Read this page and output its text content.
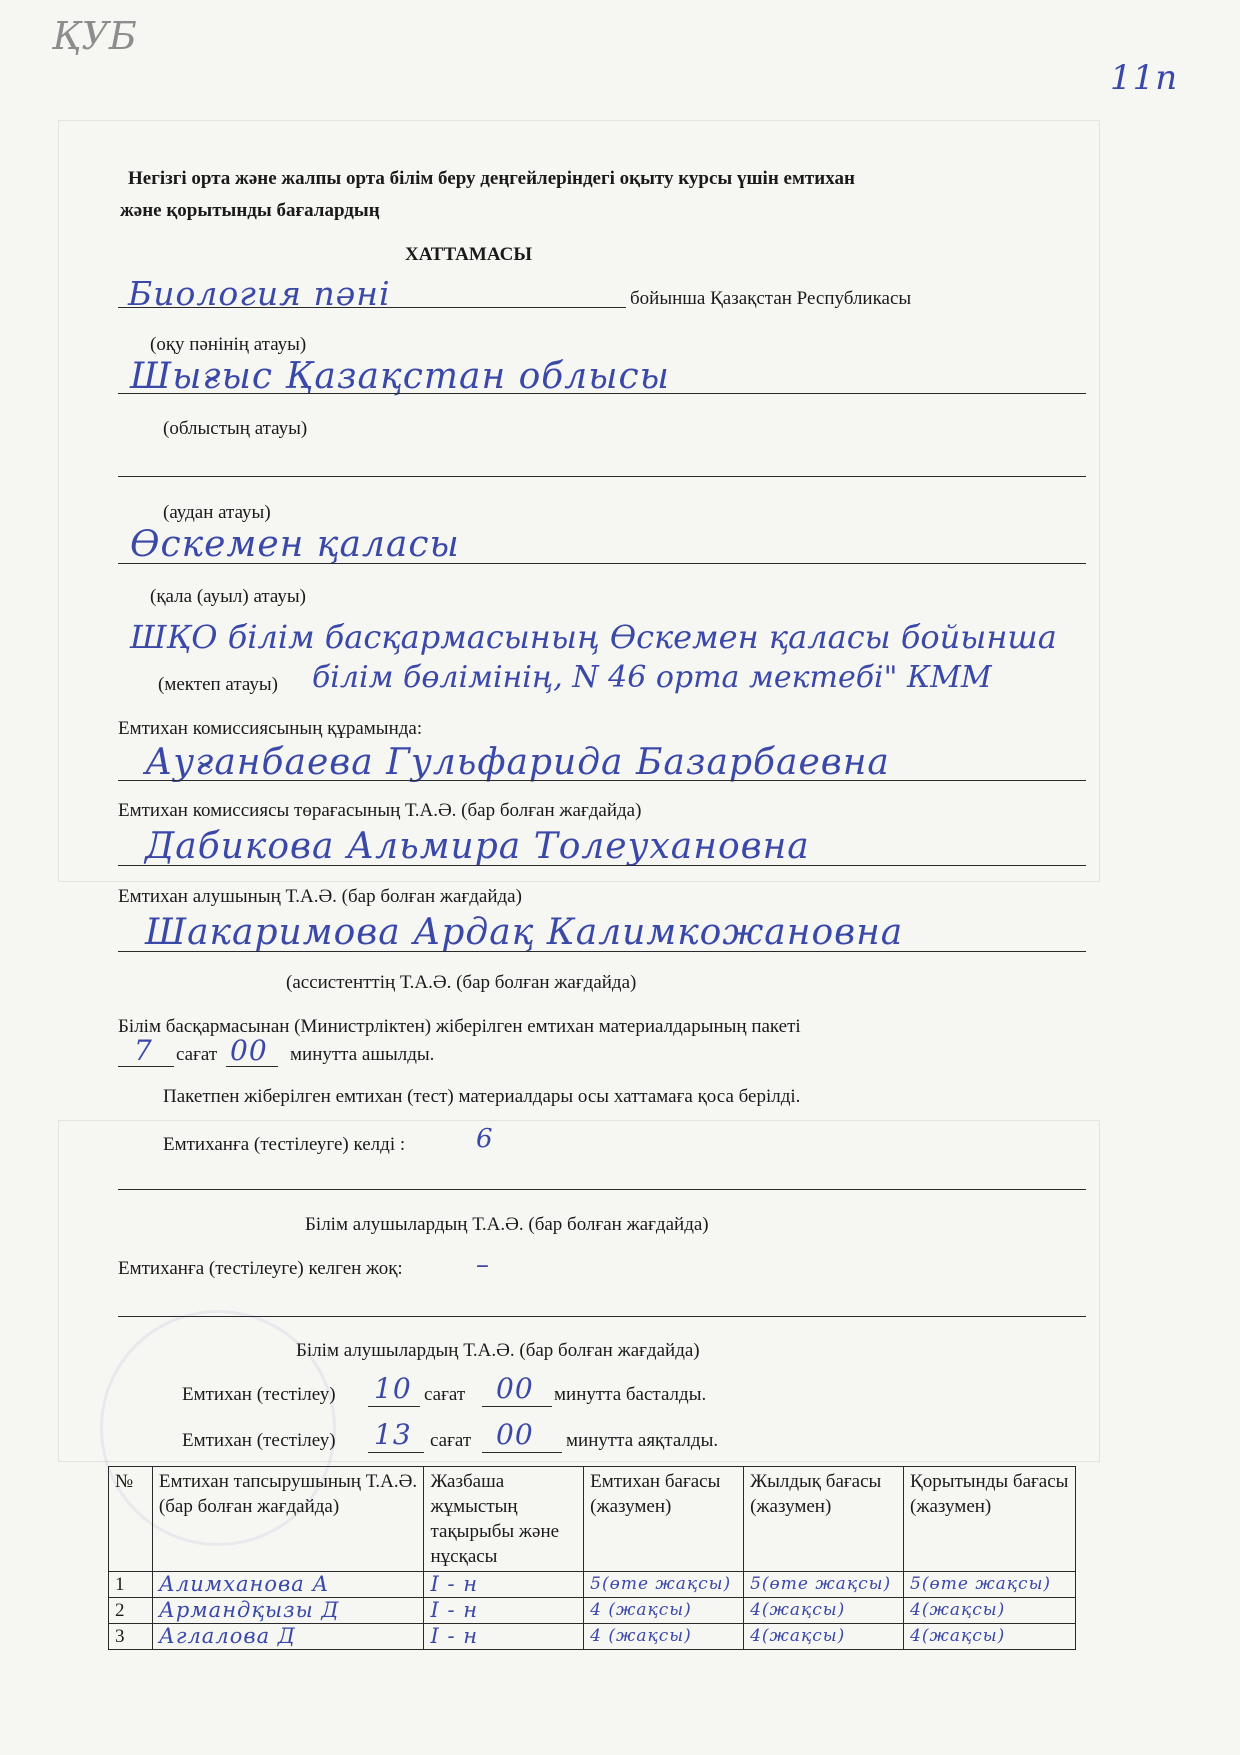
ҚУБ
11п
Негізгі орта және жалпы орта білім беру деңгейлеріндегі оқыту курсы үшін емтихан
және қорытынды бағалардың
ХАТТАМАСЫ
Биология пәні	бойынша Қазақстан Республикасы
(оқу пәнінің атауы)
Шығыс Қазақстан облысы
(облыстың атауы)
(аудан атауы)
Өскемен қаласы
(қала (ауыл) атауы)
ШҚО білім басқармасының Өскемен қаласы бойынша
(мектеп атауы) білім бөлімінің, N 46 орта мектебі" КММ
Емтихан комиссиясының құрамында:
Ауғанбаева Гульфарида Базарбаевна
Емтихан комиссиясы төрағасының Т.А.Ә. (бар болған жағдайда)
Дабикова Альмира Толеухановна
Емтихан алушының Т.А.Ә. (бар болған жағдайда)
Шакаримова Ардақ Калимкожановна
(ассистенттің Т.А.Ә. (бар болған жағдайда)
Білім басқармасынан (Министрліктен) жіберілген емтихан материалдарының пакеті
7 сағат 00 минутта ашылды.
Пакетпен жіберілген емтихан (тест) материалдары осы хаттамаға қоса берілді.
Емтиханға (тестілеуге) келді :	6
Білім алушылардың Т.А.Ә. (бар болған жағдайда)
Емтиханға (тестілеуге) келген жоқ:	–
Білім алушылардың Т.А.Ә. (бар болған жағдайда)
Емтихан (тестілеу) 10 сағат 00 минутта басталды.
Емтихан (тестілеу) 13 сағат 00 минутта аяқталды.
№	Емтихан тапсырушының Т.А.Ә. (бар болған жағдайда)	Жазбаша жұмыстың тақырыбы және нұсқасы	Емтихан бағасы (жазумен)	Жылдық бағасы (жазумен)	Қорытынды бағасы (жазумен)
1	Алимханова А	I - н	5(өте жақсы)	5(өте жақсы)	5(өте жақсы)
2	Армандқызы Д	I - н	4 (жақсы)	4(жақсы)	4(жақсы)
3	Аглалова Д	I - н	4 (жақсы)	4(жақсы)	4(жақсы)
